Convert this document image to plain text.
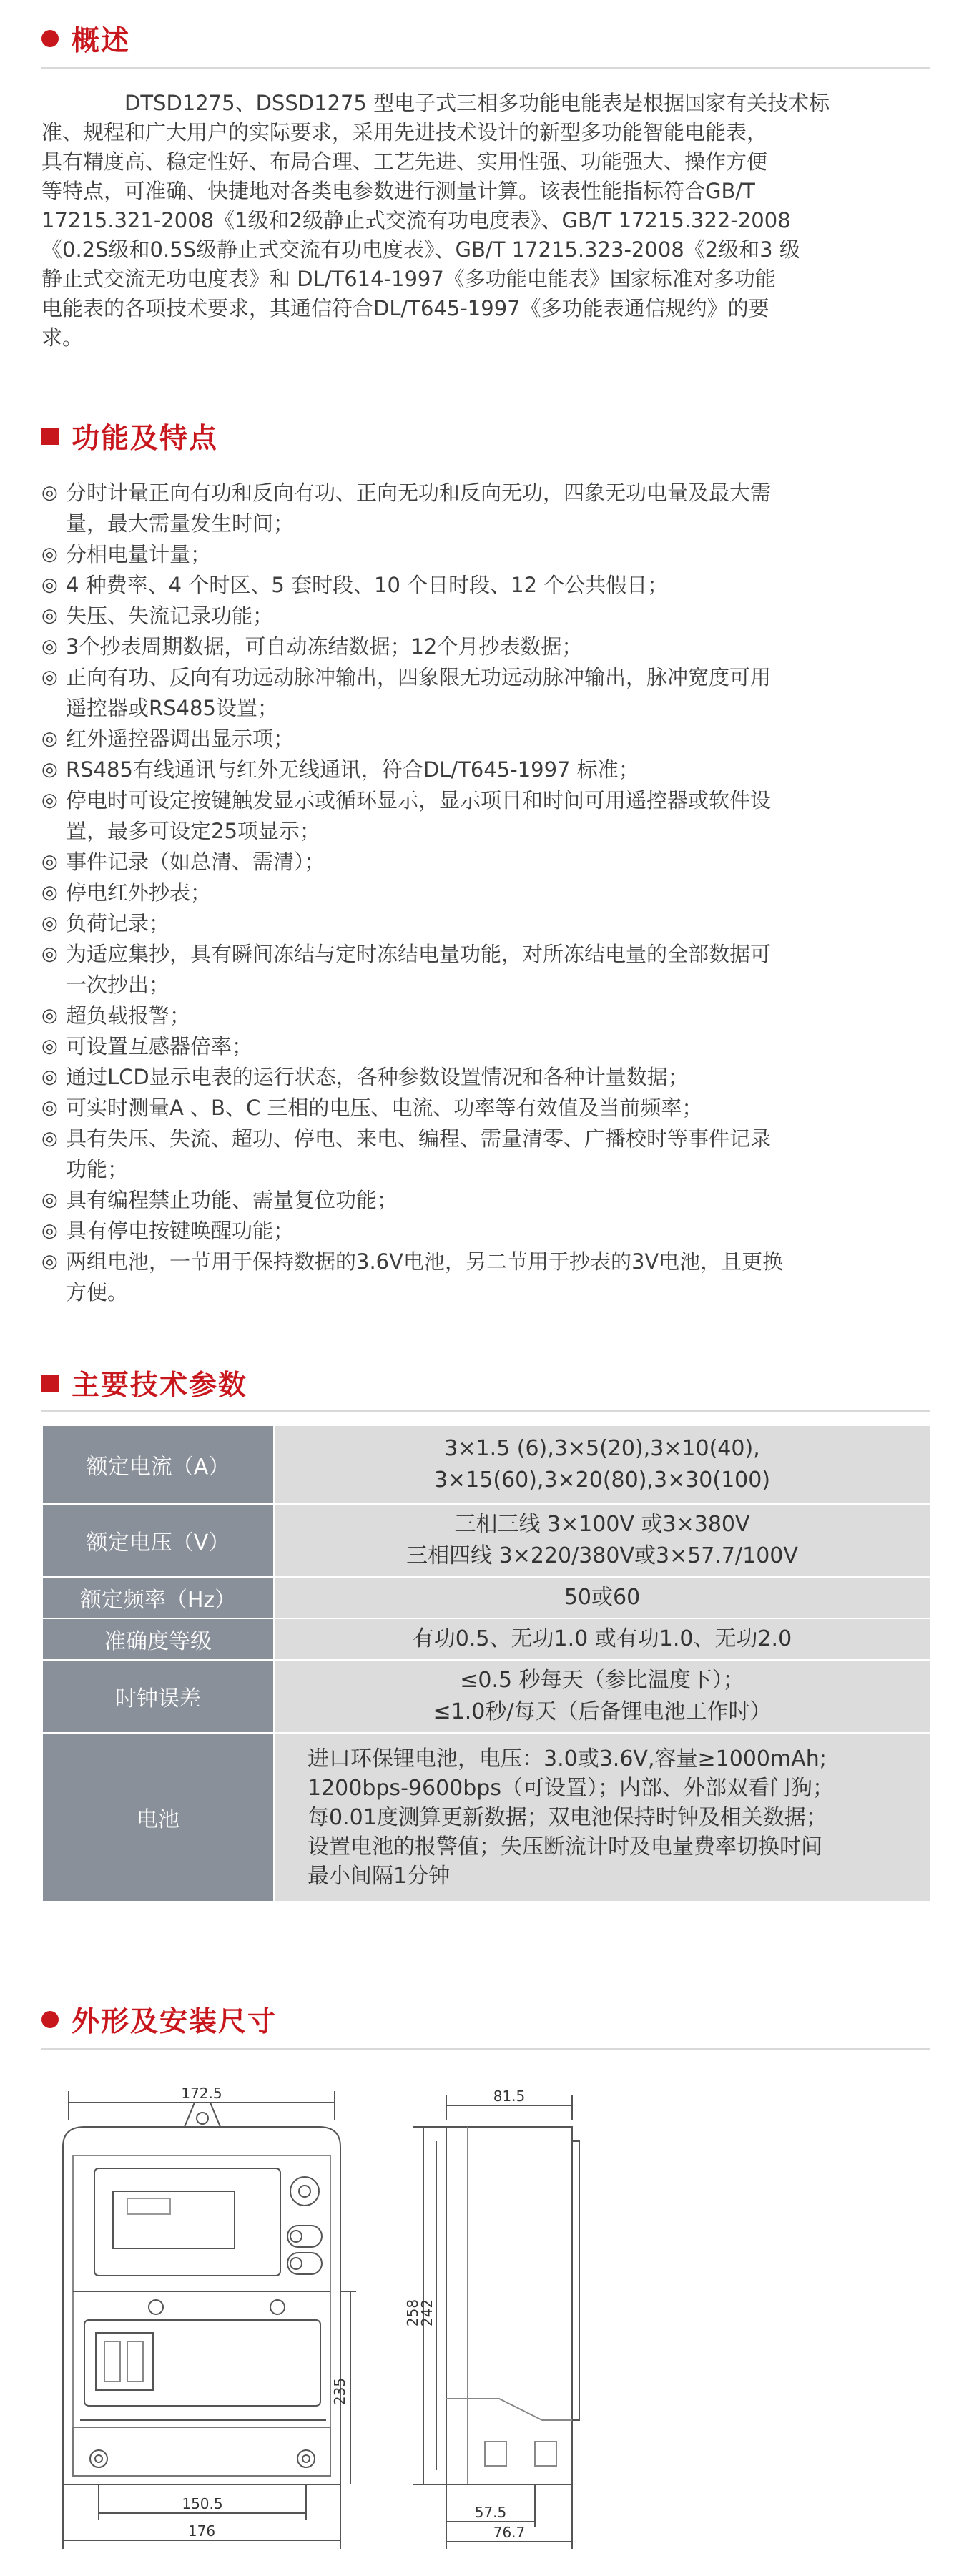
概述
DTSD1275、DSSD1275 型电子式三相多功能电能表是根据国家有关技术标
准、规程和广大用户的实际要求，采用先进技术设计的新型多功能智能电能表，
具有精度高、稳定性好、布局合理、工艺先进、实用性强、功能强大、操作方便
等特点，可准确、快捷地对各类电参数进行测量计算。该表性能指标符合GB/T
17215.321-2008《1级和2级静止式交流有功电度表》、GB/T 17215.322-2008
《0.2S级和0.5S级静止式交流有功电度表》、GB/T 17215.323-2008《2级和3 级
静止式交流无功电度表》和 DL/T614-1997《多功能电能表》国家标准对多功能
电能表的各项技术要求，其通信符合DL/T645-1997《多功能表通信规约》的要
求。
功能及特点
◎ 分时计量正向有功和反向有功、正向无功和反向无功，四象无功电量及最大需
量，最大需量发生时间；
◎ 分相电量计量；
◎ 4 种费率、4 个时区、5 套时段、10 个日时段、12 个公共假日；
◎ 失压、失流记录功能；
◎ 3个抄表周期数据，可自动冻结数据；12个月抄表数据；
◎ 正向有功、反向有功远动脉冲输出，四象限无功远动脉冲输出，脉冲宽度可用
遥控器或RS485设置；
◎ 红外遥控器调出显示项；
◎ RS485有线通讯与红外无线通讯，符合DL/T645-1997 标准；
◎ 停电时可设定按键触发显示或循环显示，显示项目和时间可用遥控器或软件设
置，最多可设定25项显示；
◎ 事件记录（如总清、需清）；
◎ 停电红外抄表；
◎ 负荷记录；
◎ 为适应集抄，具有瞬间冻结与定时冻结电量功能，对所冻结电量的全部数据可
一次抄出；
◎ 超负载报警；
◎ 可设置互感器倍率；
◎ 通过LCD显示电表的运行状态，各种参数设置情况和各种计量数据；
◎ 可实时测量A 、B、C 三相的电压、电流、功率等有效值及当前频率；
◎ 具有失压、失流、超功、停电、来电、编程、需量清零、广播校时等事件记录
功能；
◎ 具有编程禁止功能、需量复位功能；
◎ 具有停电按键唤醒功能；
◎ 两组电池，一节用于保持数据的3.6V电池，另二节用于抄表的3V电池，且更换
方便。
主要技术参数
额定电流（A）	3×1.5 (6),3×5(20),3×10(40),
3×15(60),3×20(80),3×30(100)

额定电压（V）	三相三线 3×100V 或3×380V
三相四线 3×220/380V或3×57.7/100V

额定频率（Hz）	50或60

准确度等级	有功0.5、无功1.0 或有功1.0、无功2.0

时钟误差	≤0.5 秒每天（参比温度下）；
≤1.0秒/每天（后备锂电池工作时）

电池	进口环保锂电池，电压：3.0或3.6V,容量≥1000mAh;
1200bps-9600bps（可设置）；内部、外部双看门狗；
每0.01度测算更新数据；双电池保持时钟及相关数据；
设置电池的报警值；失压断流计时及电量费率切换时间
最小间隔1分钟
外形及安装尺寸
172.5
235
150.5
176
81.5
258
242
57.5
76.7
